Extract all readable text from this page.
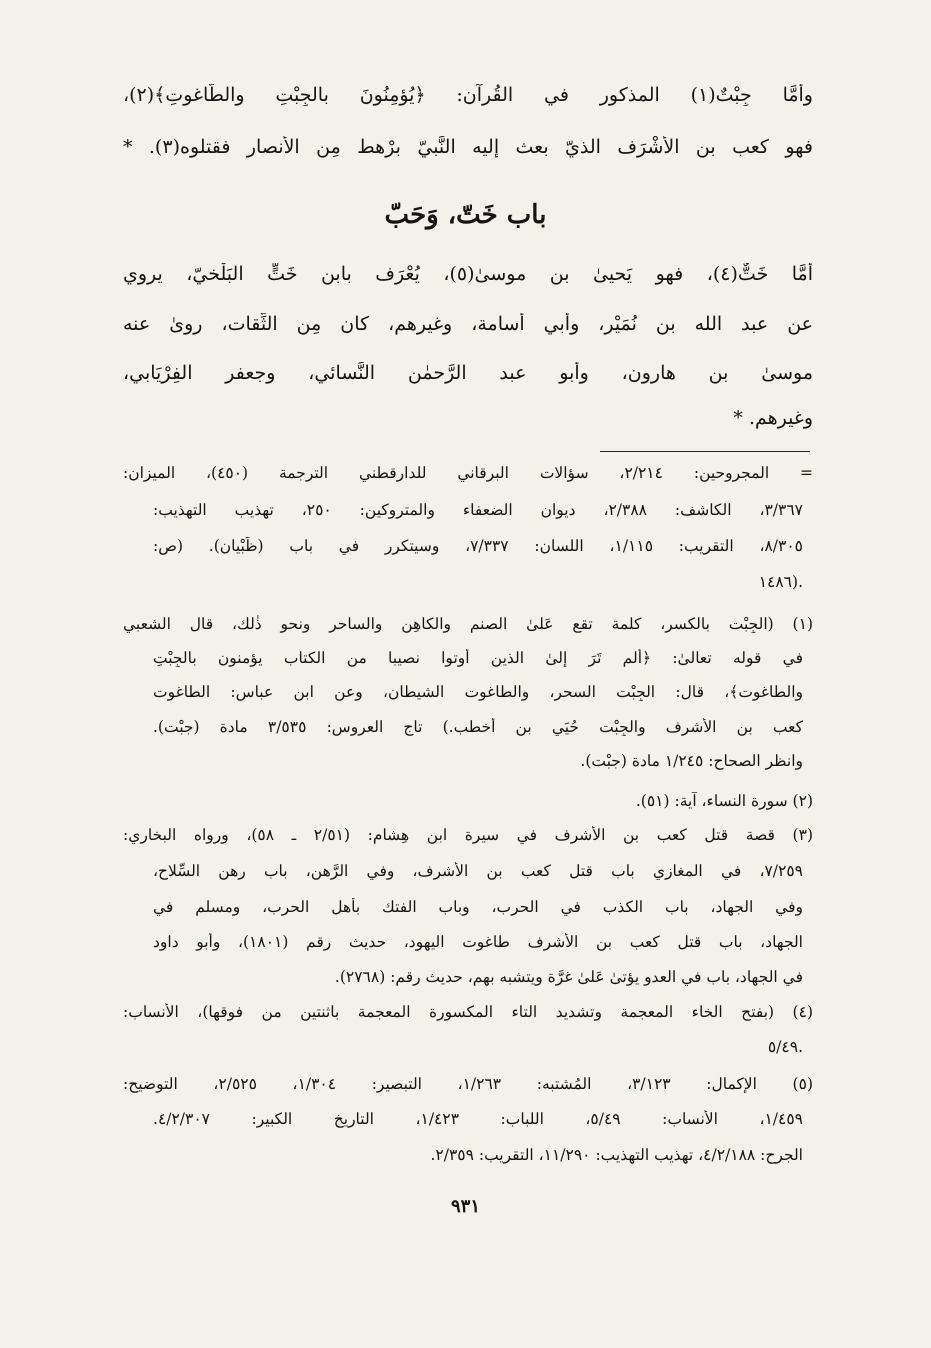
وأمَّا جِبْتٌ(١) المذكور في القُرآن: ﴿يُؤمِنُونَ بالجِبْتِ والطَّاغوتِ﴾(٢)،
فهو كعب بن الأَشْرَف الذيّ بعث إليه النَّبيّ برْهط مِن الأنصار فقتلوه(٣). *
باب خَتّ، وَحَبّ
أمَّا خَتٌّ(٤)، فهو يَحيىٰ بن موسىٰ(٥)، يُعْرَف بابن خَتٍّ البَلْخيّ، يروي
عن عبد الله بن نُمَيْر، وأبي أسامة، وغيرهم، كان مِن الثِّقات، روىٰ عنه
موسىٰ بن هارون، وأبو عبد الرَّحمٰن النَّسائي، وجعفر الفِرْيَابي،
وغيرهم. *
= المجروحين: ٢/٢١٤، سؤالات البرقاني للدارقطني الترجمة (٤٥٠)، الميزان:
٣/٣٦٧، الكاشف: ٢/٣٨٨، ديوان الضعفاء والمتروكين: ٢٥٠، تهذيب التهذيب:
٨/٣٠٥، التقريب: ١/١١٥، اللسان: ٧/٣٣٧، وسيتكرر في باب (ظَبْيان). (ص:
١٤٨٦).
(١) (الجِبْت بالكسر، كلمة تقع عَلىٰ الصنم والكاهِن والساحر ونحو ذٰلك، قال الشعبي
في قوله تعالىٰ: ﴿ألم تَرَ إلىٰ الذين أوتوا نصيبا من الكتاب يؤمنون بالجِبْتِ
والطاغوت﴾، قال: الجِبْت السحر، والطاغوت الشيطان، وعن ابن عباس: الطاغوت
كعب بن الأشرف والجِبْت حُيَي بن أخطب.) تاج العروس: ٣/٥٣٥ مادة (جبْت).
وانظر الصحاح: ١/٢٤٥ مادة (جبْت).
(٢) سورة النساء، آية: (٥١).
(٣) قصة قتل كعب بن الأشرف في سيرة ابن هِشام: (٢/٥١ ـ ٥٨)، ورواه البخاري:
٧/٢٥٩، في المغازي باب قتل كعب بن الأشرف، وفي الرَّهن، باب رهن السِّلاح،
وفي الجهاد، باب الكذب في الحرب، وباب الفتك بأهل الحرب، ومسلم في
الجهاد، باب قتل كعب بن الأشرف طاغوت اليهود، حديث رقم (١٨٠١)، وأبو داود
في الجهاد، باب في العدو يؤتىٰ عَلىٰ غرَّة ويتشبه بهم، حديث رقم: (٢٧٦٨).
(٤) (بفتح الخاء المعجمة وتشديد التاء المكسورة المعجمة باثنتين من فوقها)، الأنساب:
٥/٤٩.
(٥) الإكمال: ٣/١٢٣، المُشتبه: ١/٢٦٣، التبصير: ١/٣٠٤، ٢/٥٢٥، التوضيح:
١/٤٥٩، الأنساب: ٥/٤٩، اللباب: ١/٤٢٣، التاريخ الكبير: ٤/٢/٣٠٧.
الجرح: ٤/٢/١٨٨، تهذيب التهذيب: ١١/٢٩٠، التقريب: ٢/٣٥٩.
٩٣١
